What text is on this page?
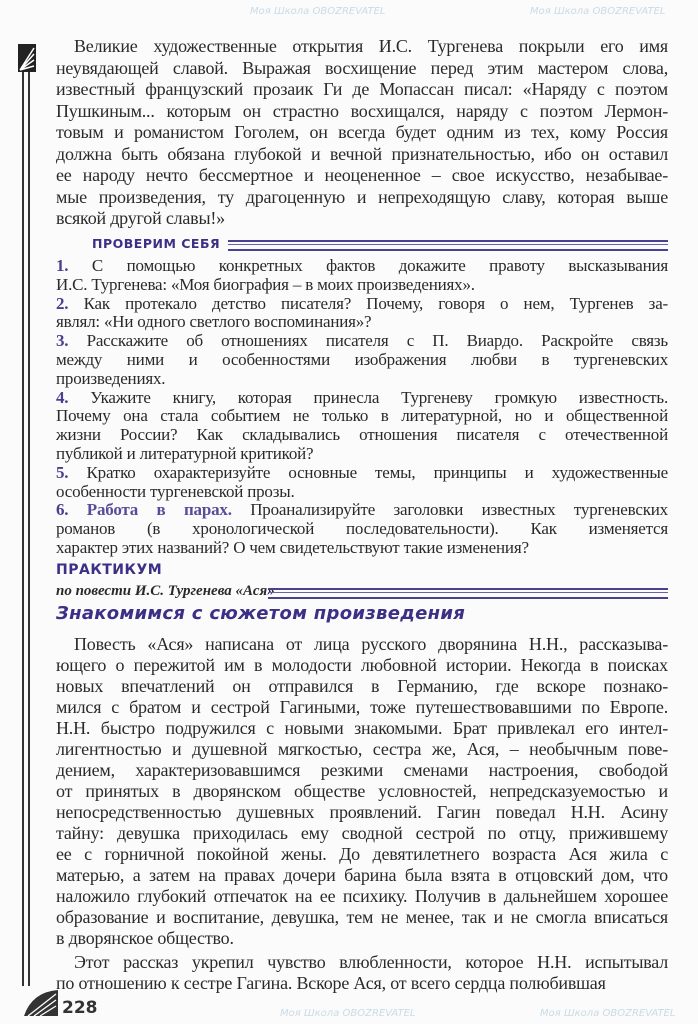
Великие художественные открытия И.С. Тургенева покрыли его имя
неувядающей славой. Выражая восхищение перед этим мастером слова,
известный французский прозаик Ги де Мопассан писал: «Наряду с поэтом
Пушкиным... которым он страстно восхищался, наряду с поэтом Лермон-
товым и романистом Гоголем, он всегда будет одним из тех, кому Россия
должна быть обязана глубокой и вечной признательностью, ибо он оставил
ее народу нечто бессмертное и неоцененное – свое искусство, незабывае-
мые произведения, ту драгоценную и непреходящую славу, которая выше
всякой другой славы!»
ПРОВЕРИМ СЕБЯ
1. С помощью конкретных фактов докажите правоту высказывания
И.С. Тургенева: «Моя биография – в моих произведениях».
2. Как протекало детство писателя? Почему, говоря о нем, Тургенев за-
являл: «Ни одного светлого воспоминания»?
3. Расскажите об отношениях писателя с П. Виардо. Раскройте связь
между ними и особенностями изображения любви в тургеневских
произведениях.
4. Укажите книгу, которая принесла Тургеневу громкую известность.
Почему она стала событием не только в литературной, но и общественной
жизни России? Как складывались отношения писателя с отечественной
публикой и литературной критикой?
5. Кратко охарактеризуйте основные темы, принципы и художественные
особенности тургеневской прозы.
6. Работа в парах. Проанализируйте заголовки известных тургеневских
романов (в хронологической последовательности). Как изменяется
характер этих названий? О чем свидетельствуют такие изменения?
ПРАКТИКУМ
по повести И.С. Тургенева «Ася»
Знакомимся с сюжетом произведения
Повесть «Ася» написана от лица русского дворянина Н.Н., рассказыва-
ющего о пережитой им в молодости любовной истории. Некогда в поисках
новых впечатлений он отправился в Германию, где вскоре познако-
мился с братом и сестрой Гагиными, тоже путешествовавшими по Европе.
Н.Н. быстро подружился с новыми знакомыми. Брат привлекал его интел-
лигентностью и душевной мягкостью, сестра же, Ася, – необычным пове-
дением, характеризовавшимся резкими сменами настроения, свободой
от принятых в дворянском обществе условностей, непредсказуемостью и
непосредственностью душевных проявлений. Гагин поведал Н.Н. Асину
тайну: девушка приходилась ему сводной сестрой по отцу, прижившему
ее с горничной покойной жены. До девятилетнего возраста Ася жила с
матерью, а затем на правах дочери барина была взята в отцовский дом, что
наложило глубокий отпечаток на ее психику. Получив в дальнейшем хорошее
образование и воспитание, девушка, тем не менее, так и не смогла вписаться
в дворянское общество.
Этот рассказ укрепил чувство влюбленности, которое Н.Н. испытывал
по отношению к сестре Гагина. Вскоре Ася, от всего сердца полюбившая
228
Моя Школа OBOZREVATEL	Моя Школа OBOZREVATEL
Моя Школа OBOZREVATEL	Моя Школа OBOZREVATEL
